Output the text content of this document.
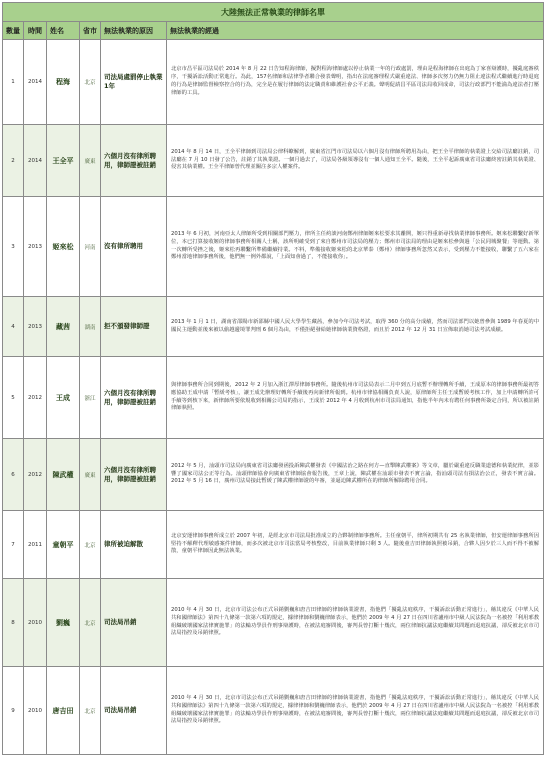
大陸無法正常執業的律師名單					
數量	時間	姓名	省市	無法執業的原因	無法執業的經過
1	2014	程海	北京	司法局處罰停止執業1年	北京市昌平區司法局於 2014 年 8 月 22 日告知程海律師，擬對程海律師處以停止執業一年的行政處罰，理由是程海律師在出庭為丁家喜辯護時，擾亂庭審秩序，干擾訴訟活動正常進行。為此，157名律師和法律學者聯合發表聲明，指出在法庭審理程式嚴重違法、律師多次努力仍無力阻止違法程式繼續進行時退庭的行為是律師監督檢察控合的行為，完全是在履行律師的法定職責和維護社會公平正義。聲明促請昌平區司法局收回成命，司法行政部門不能淪為違法者打壓律師的工具。
2	2014	王全平	廣東	六個月沒有律所聘用，律師證被註銷	2014 年 8 月 14 日，王全平律師到司法局公律科瞭解到，廣東省江門市司法局以六個月沒有律師所聘用為由，把王全平律師的執業證上交給司法廳註銷，司法廳在 7 月 10 日發了公告，註銷了其執業證。一個月過去了，司法局各級領導沒有一個人通知王全平。隨後，王全平起訴廣東省司法廳終密註銷其執業證、侵害其執業權。王全平律師曾代理並關注多宗人權案件。
3	2013	姬來松	河南	沒有律所聘用	2013 年 6 月初，河南亞太人律師所受到相關部門壓力，律所主任約談河南鄭州律師姬來松要求其離開，姬只得重新尋找執業律師事務所。姬來松聯繫好新單位，本已打算接收姬的律師事務所相關人士稱，該所明確受到了來自鄭州市司法局的壓力；鄭州市司法局的理由是姬來松參與過「公民同城聚餐」等運動。第一次轉所受挫之後，姬來松再聯繫所準備繼續持業。不料，準備接收姬來松的北京華泰（鄭州）律師事務所忽然又表示，受到壓力不能接收，聯繫了五六家在鄭州當地律師事務所後，他們無一例外都說，「上面知會過了，不能接收你」。
4	2013	藏茜	湖南	拒不頒發律師證	2013 年 1 月 1 日，湖南省邵陽市新邵縣中國人民大學學生藏茜，參加今年司法考試，取得 360 分的高分成績，然而司法部門以她曾參與 1989 年春夏的中國民主運動並後來被以偷越邊境罪判刑 6 個月為由，不僅拒絕發給她律師執業資格證，而且於 2012 年 12 月 31 日宣佈取消她司法考試成績。
5	2012	王成	浙江	六個月沒有律所聘用，律師證被註銷	與律師事務所合同到期後，2012 年 2 月加入浙江澤厚律師事務所。隨後杭州市司法局表示二月中到五月底暫不辦理轉所手續，王成原本的律師事務所最初答應協助王成申請「暫緩考核」，讓王成先辦理好轉所手續後再向新律所報到。杭州市律協相關負責人說，原律師所主任王成暫緩考核工作，加上申請轉所許可手續等到核下來，新律師所要依規收到相關公司局的指示，王成於 2012 年 4 月收到杭州市司法局通知，指他半年內未有聘任何事務所簽定合同，所以被註銷律師執照。
6	2012	陳武權	廣東	六個月沒有律所聘用，律師證被註銷	2012 年 5 月，汕頭市司法局向廣東省司法廳發函投訴陳武權發表《中國法治之路在何方—直擊陳武權案》等文章，屬於嚴重違反職業道德和執業紀律，並影響了國家司法公正等行為。汕頭律師協會向廣東省律師協會報告後，王章上說，陳武權在汕頭市發表不實言論，指汕頭司法有損法治公正，發表不實言論。2012 年 5 月 16 日，廣州司法局接此暫緩了陳武權律師證的年審，並逼迫陳武權所在的律師所解除聘用合同。
7	2011	童朝平	北京	律所被迫解散	北京安運律師事務所成立於 2007 年初，是經北京市司法局批准成立的合夥制律師事務所。主任童朝平，律所初期共有 25 名執業律師，但安運律師事務所因堅持不解釋代理敏感案件律師，而多次被北京市司法當局考核整改，目前執業律師只剩 3 人。隨後童吉田律師執照被吊銷，合夥人因少於三人而不得不被解散，童朝平律師因此無法執業。
8	2010	劉巍	北京	司法局吊銷	2010 年 4 月 30 日，北京市司法公布正式吊銷劉巍和唐吉田律師的律師執業證書，指他們「擾亂法庭秩序，干擾訴訟活動正常進行」，稱其違反《中華人民共和國律師法》第四十九條第一款第六項的規定，據律律師和劉巍律師表示，他們於 2009 年 4 月 27 日在四川省瀘州市中級人民法院為一名被控「利用邪教組織破壞國家法律實施罪」的法輪功學員作刑事辯護時，在被法庭審問後，審判長曾打斷十幾次，兩位律師抗議法庭繼續其問題而退庭抗議，卻反被北京市司法局指控及吊銷律照。
9	2010	唐吉田	北京	司法局吊銷	2010 年 4 月 30 日，北京市司法公布正式吊銷劉巍和唐吉田律師的律師執業證書，指他們「擾亂法庭秩序，干擾訴訟活動正常進行」，稱其違反《中華人民共和國律師法》第四十九條第一款第六項的規定，據律律師和劉巍律師表示，他們於 2009 年 4 月 27 日在四川省瀘州市中級人民法院為一名被控「利用邪教組織破壞國家法律實施罪」的法輪功學員作刑事辯護時，在被法庭審問後，審判長曾打斷十幾次，兩位律師抗議法庭繼續其問題而退庭抗議，卻反被北京市司法局指控及吊銷律照。
